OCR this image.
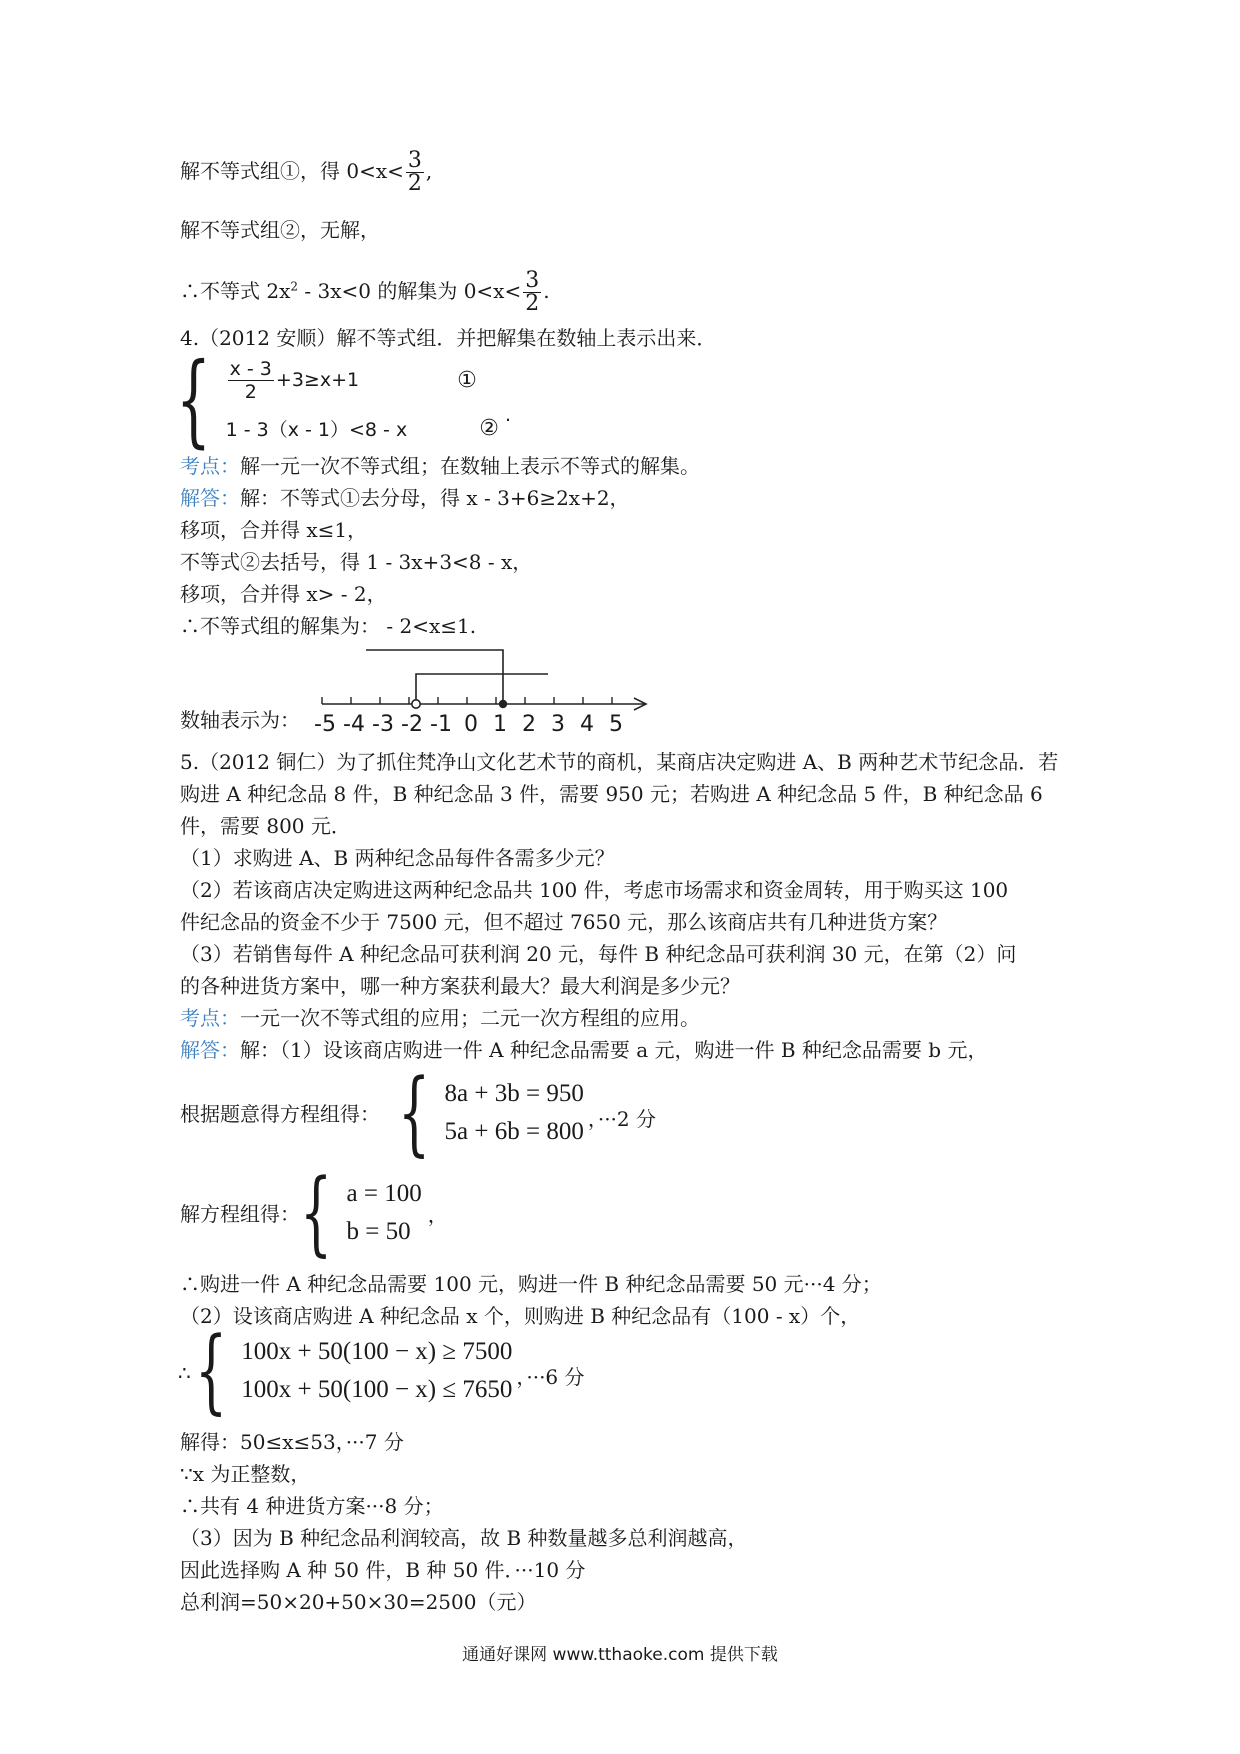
解不等式组①，得 $0<x< \frac{3}{2}$ ,
解不等式组②，无解，
∴不等式 $2x^2 - 3x<0$ 的解集为 $0<x< \frac{3}{2}$ .
4.（2012 安顺）解不等式组．并把解集在数轴上表示出来．
{ $\frac{x - 3}{2} +3\ge x+1$	①
1 - 3（x - 1）<8 - x	②
.
考点：解一元一次不等式组；在数轴上表示不等式的解集。
解答：解：不等式①去分母，得 x - 3+6≥2x+2，
移项，合并得 x≤1，
不等式②去括号，得 1 - 3x+3<8 - x，
移项，合并得 x> - 2，
∴不等式组的解集为： - 2<x≤1.
数轴表示为： -5 -4 -3 -2 -1 0 1 2 3 4 5
5.（2012 铜仁）为了抓住梵净山文化艺术节的商机，某商店决定购进 A、B 两种艺术节纪念品．若
购进 A 种纪念品 8 件，B 种纪念品 3 件，需要 950 元；若购进 A 种纪念品 5 件，B 种纪念品 6
件，需要 800 元．
（1）求购进 A、B 两种纪念品每件各需多少元？
（2）若该商店决定购进这两种纪念品共 100 件，考虑市场需求和资金周转，用于购买这 100
件纪念品的资金不少于 7500 元，但不超过 7650 元，那么该商店共有几种进货方案？
（3）若销售每件 A 种纪念品可获利润 20 元，每件 B 种纪念品可获利润 30 元，在第（2）问
的各种进货方案中，哪一种方案获利最大？最大利润是多少元？
考点：一元一次不等式组的应用；二元一次方程组的应用。
解答：解：（1）设该商店购进一件 A 种纪念品需要 a 元，购进一件 B 种纪念品需要 b 元，
根据题意得方程组得： { 8a + 3b = 950
5a + 6b = 800 ，···2 分
解方程组得： { a = 100
b = 50
，
∴购进一件 A 种纪念品需要 100 元，购进一件 B 种纪念品需要 50 元···4 分；
（2）设该商店购进 A 种纪念品 x 个，则购进 B 种纪念品有（100 - x）个，
∴ { 100x + 50(100 − x) ≥ 7500
100x + 50(100 − x) ≤ 7650 ，···6 分
解得：50≤x≤53，···7 分
∵x 为正整数，
∴共有 4 种进货方案···8 分；
（3）因为 B 种纪念品利润较高，故 B 种数量越多总利润越高，
因此选择购 A 种 50 件，B 种 50 件．···10 分
总利润=50×20+50×30=2500（元）
通通好课网 www.tthaoke.com 提供下载
